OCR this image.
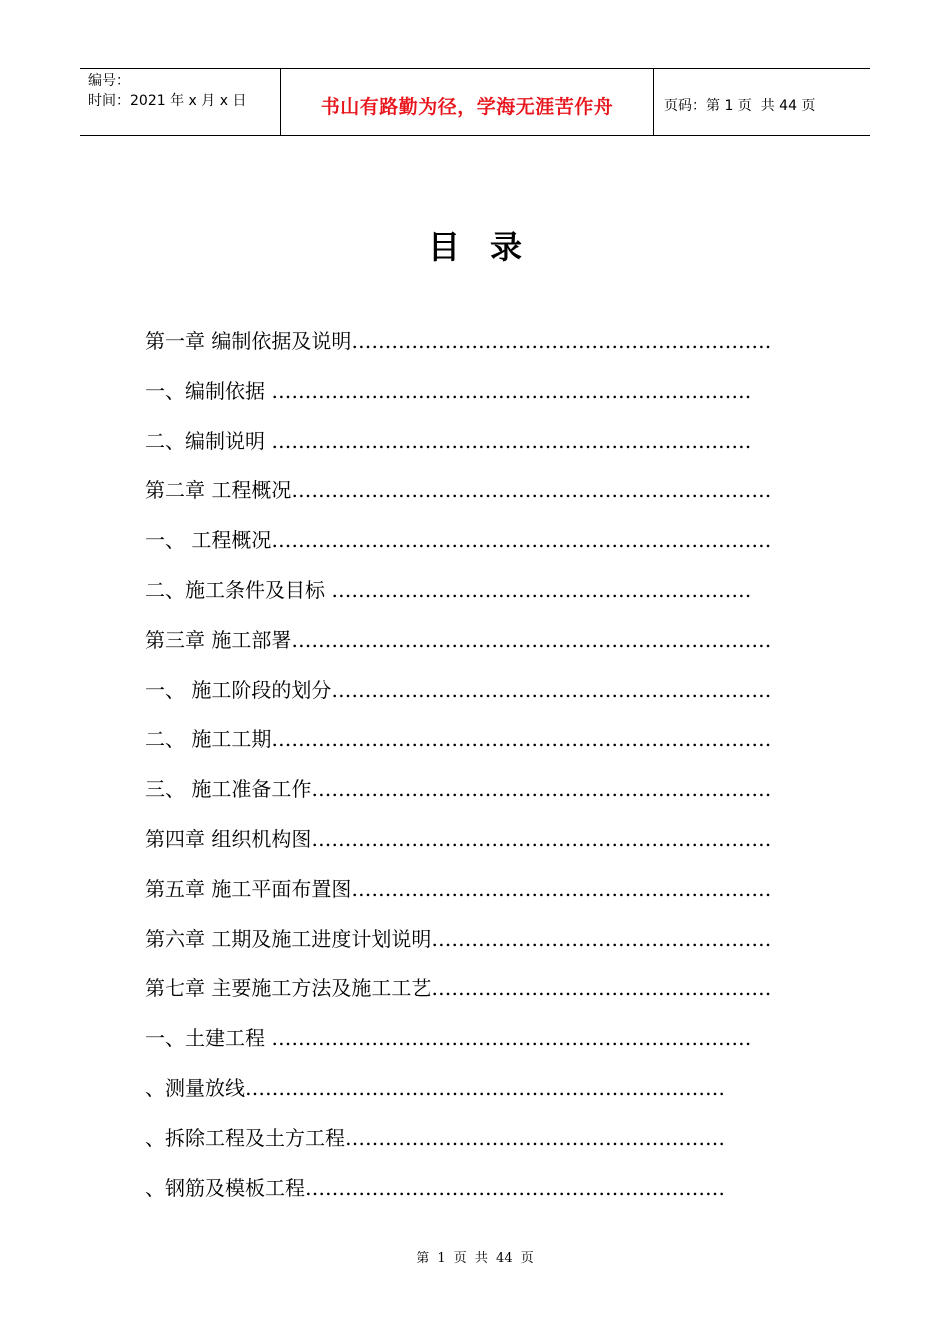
编号：
时间：2021 年 x 月 x 日	书山有路勤为径，学海无涯苦作舟	页码：第 1 页  共 44 页
目录
第一章 编制依据及说明………………………………………………………
一、编制依据 ………………………………………………………………
二、编制说明 ………………………………………………………………
第二章 工程概况………………………………………………………………
一、 工程概况…………………………………………………………………
二、施工条件及目标 ………………………………………………………
第三章 施工部署………………………………………………………………
一、 施工阶段的划分…………………………………………………………
二、 施工工期…………………………………………………………………
三、 施工准备工作……………………………………………………………
第四章 组织机构图……………………………………………………………
第五章 施工平面布置图………………………………………………………
第六章 工期及施工进度计划说明……………………………………………
第七章 主要施工方法及施工工艺……………………………………………
一、土建工程 ………………………………………………………………
、测量放线………………………………………………………………
、拆除工程及土方工程…………………………………………………
、钢筋及模板工程………………………………………………………
第 1 页 共 44 页
